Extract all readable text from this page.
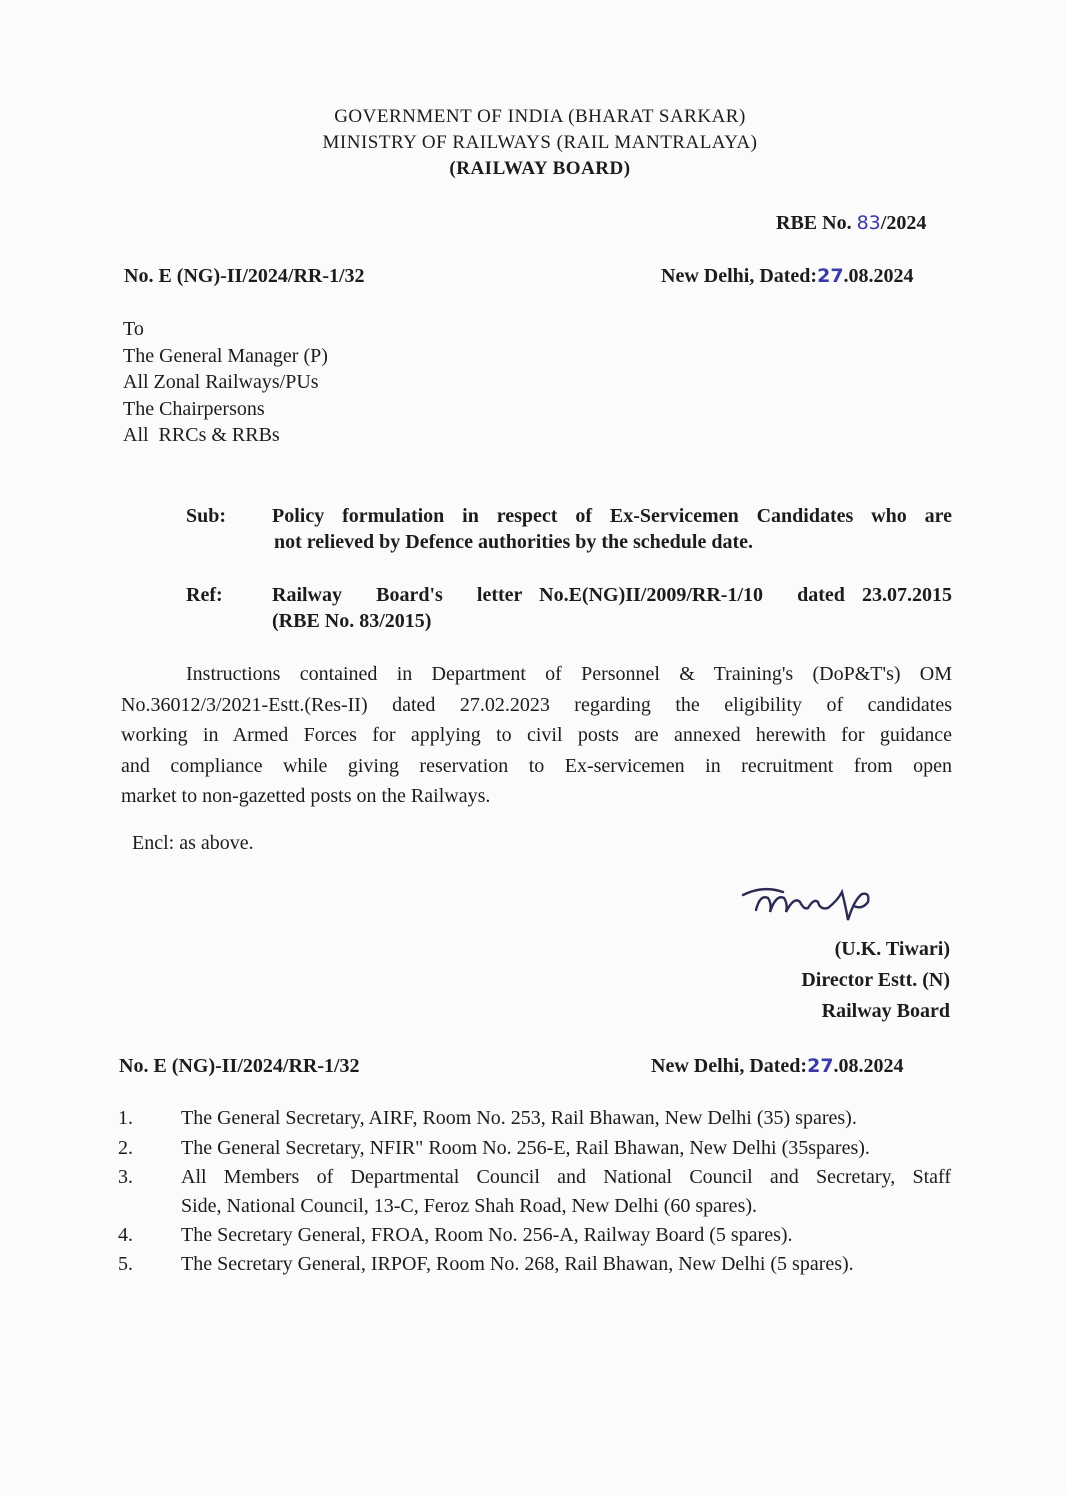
GOVERNMENT OF INDIA (BHARAT SARKAR)
MINISTRY OF RAILWAYS (RAIL MANTRALAYA)
(RAILWAY BOARD)
RBE No. 83/2024
No. E (NG)-II/2024/RR-1/32	New Delhi, Dated:27.08.2024
To
The General Manager (P)
All Zonal Railways/PUs
The Chairpersons
All  RRCs & RRBs
Sub: Policy formulation in respect of Ex-Servicemen Candidates who are
not relieved by Defence authorities by the schedule date.
Ref: Railway  Board's  letter No.E(NG)II/2009/RR-1/10  dated 23.07.2015
(RBE No. 83/2015)
Instructions contained in Department of Personnel & Training's (DoP&T's) OM
No.36012/3/2021-Estt.(Res-II) dated 27.02.2023 regarding the eligibility of candidates
working in Armed Forces for applying to civil posts are annexed herewith for guidance
and compliance while giving reservation to Ex-servicemen in recruitment from open
market to non-gazetted posts on the Railways.
Encl: as above.
(U.K. Tiwari)
Director Estt. (N)
Railway Board
No. E (NG)-II/2024/RR-1/32	New Delhi, Dated:27.08.2024
1. The General Secretary, AIRF, Room No. 253, Rail Bhawan, New Delhi (35) spares).
2. The General Secretary, NFIR" Room No. 256-E, Rail Bhawan, New Delhi (35spares).
3. All Members of Departmental Council and National Council and Secretary, Staff
Side, National Council, 13-C, Feroz Shah Road, New Delhi (60 spares).
4. The Secretary General, FROA, Room No. 256-A, Railway Board (5 spares).
5. The Secretary General, IRPOF, Room No. 268, Rail Bhawan, New Delhi (5 spares).
